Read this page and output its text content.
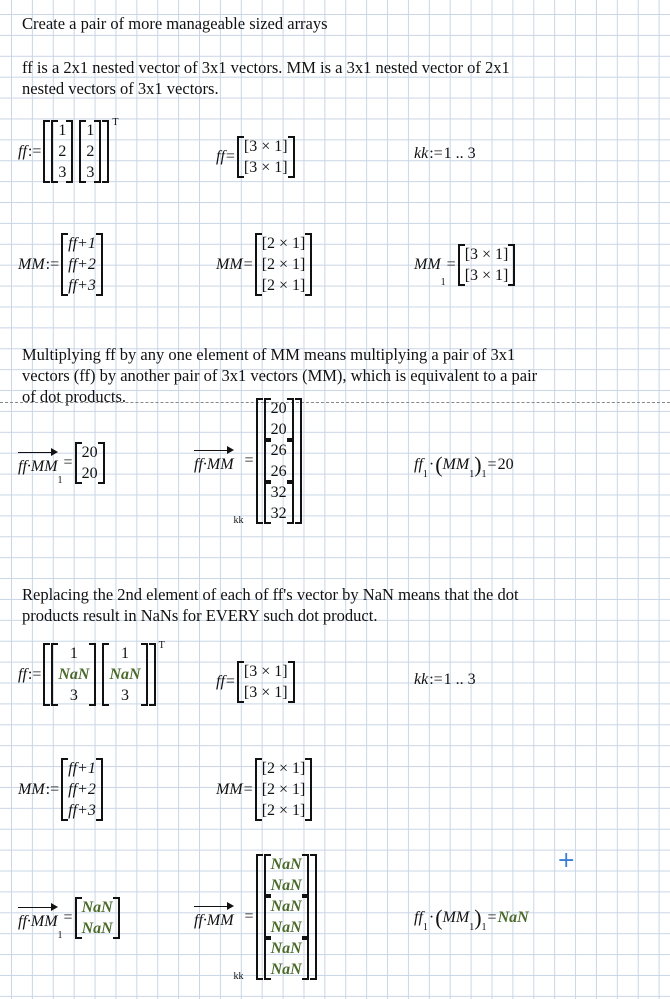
Create a pair of more manageable sized arrays
ff is a 2x1 nested vector of 3x1 vectors. MM is a 3x1 nested vector of 2x1
nested vectors of 3x1 vectors.
ff :=
1
2
3
1
2
3
T
ff =
[3 × 1]
[3 × 1]
kk := 1 .. 3
MM :=
ff+1
ff+2
ff+3
MM =
[2 × 1]
[2 × 1]
[2 × 1]
MM
1
=
[3 × 1]
[3 × 1]
Multiplying ff by any one element of MM means multiplying a pair of 3x1
vectors (ff) by another pair of 3x1 vectors (MM), which is equivalent to a pair
of dot products.
ff·MM
1
=
20
20
ff·MM
kk
=
20
20
26
26
32
32
ff
1
· ( MM
1 ) 1
= 20
Replacing the 2nd element of each of ff's vector by NaN means that the dot
products result in NaNs for EVERY such dot product.
ff :=
1
NaN
3
1
NaN
3
T
ff =
[3 × 1]
[3 × 1]
kk := 1 .. 3
MM :=
ff+1
ff+2
ff+3
MM =
[2 × 1]
[2 × 1]
[2 × 1]
ff·MM
1
=
NaN
NaN	ff·MM
kk
=
NaN
NaN
NaN
NaN
NaN
NaN
ff
1
· ( MM
1 ) 1
= NaN
+
